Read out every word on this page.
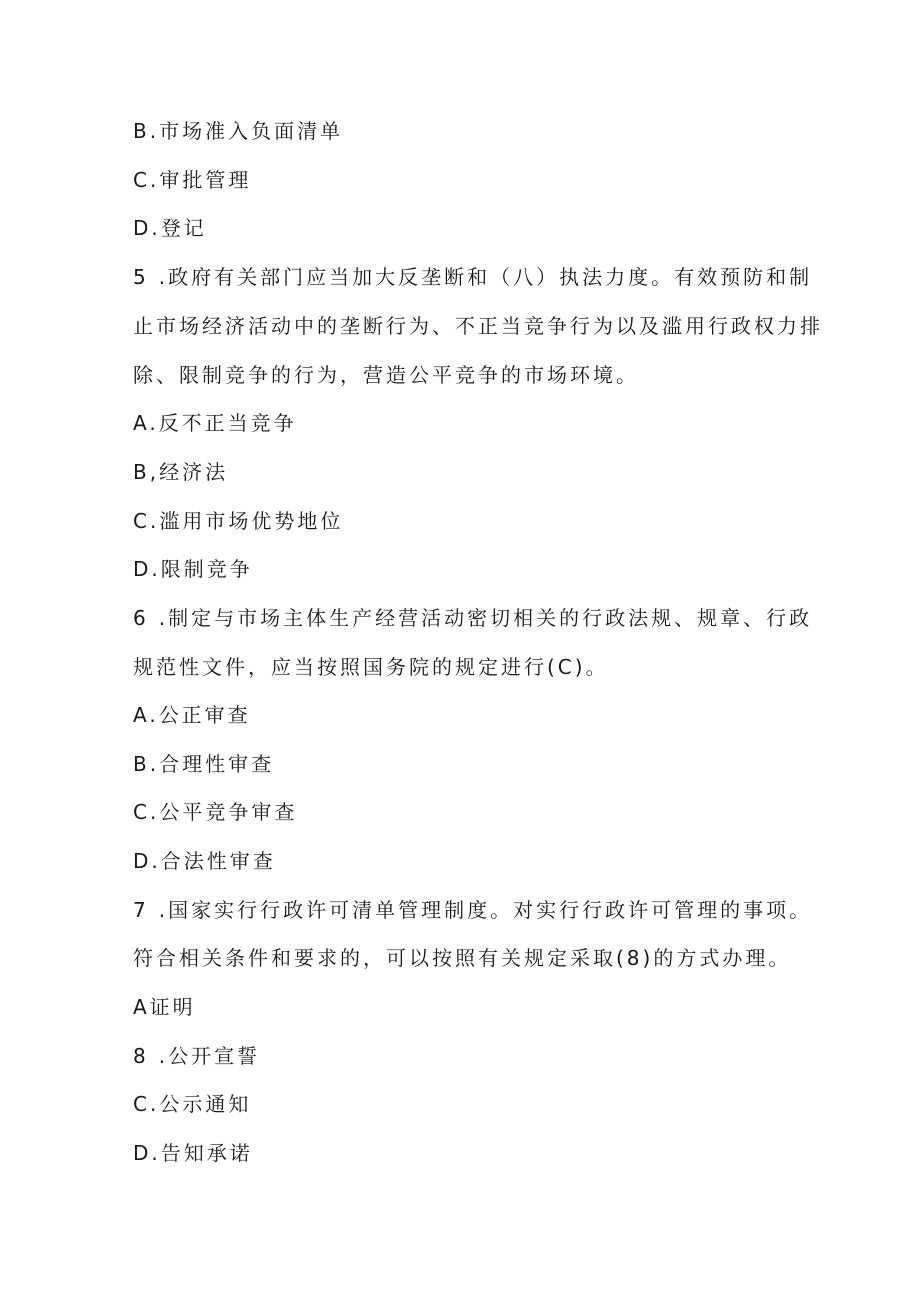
B.市场准入负面清单
C.审批管理
D.登记
5 .政府有关部门应当加大反垄断和（八）执法力度。有效预防和制
止市场经济活动中的垄断行为、不正当竞争行为以及滥用行政权力排
除、限制竞争的行为，营造公平竞争的市场环境。
A.反不正当竞争
B,经济法
C.滥用市场优势地位
D.限制竞争
6 .制定与市场主体生产经营活动密切相关的行政法规、规章、行政
规范性文件，应当按照国务院的规定进行(C)。
A.公正审查
B.合理性审查
C.公平竞争审查
D.合法性审查
7 .国家实行行政许可清单管理制度。对实行行政许可管理的事项。
符合相关条件和要求的，可以按照有关规定采取(8)的方式办理。
A证明
8 .公开宣誓
C.公示通知
D.告知承诺
